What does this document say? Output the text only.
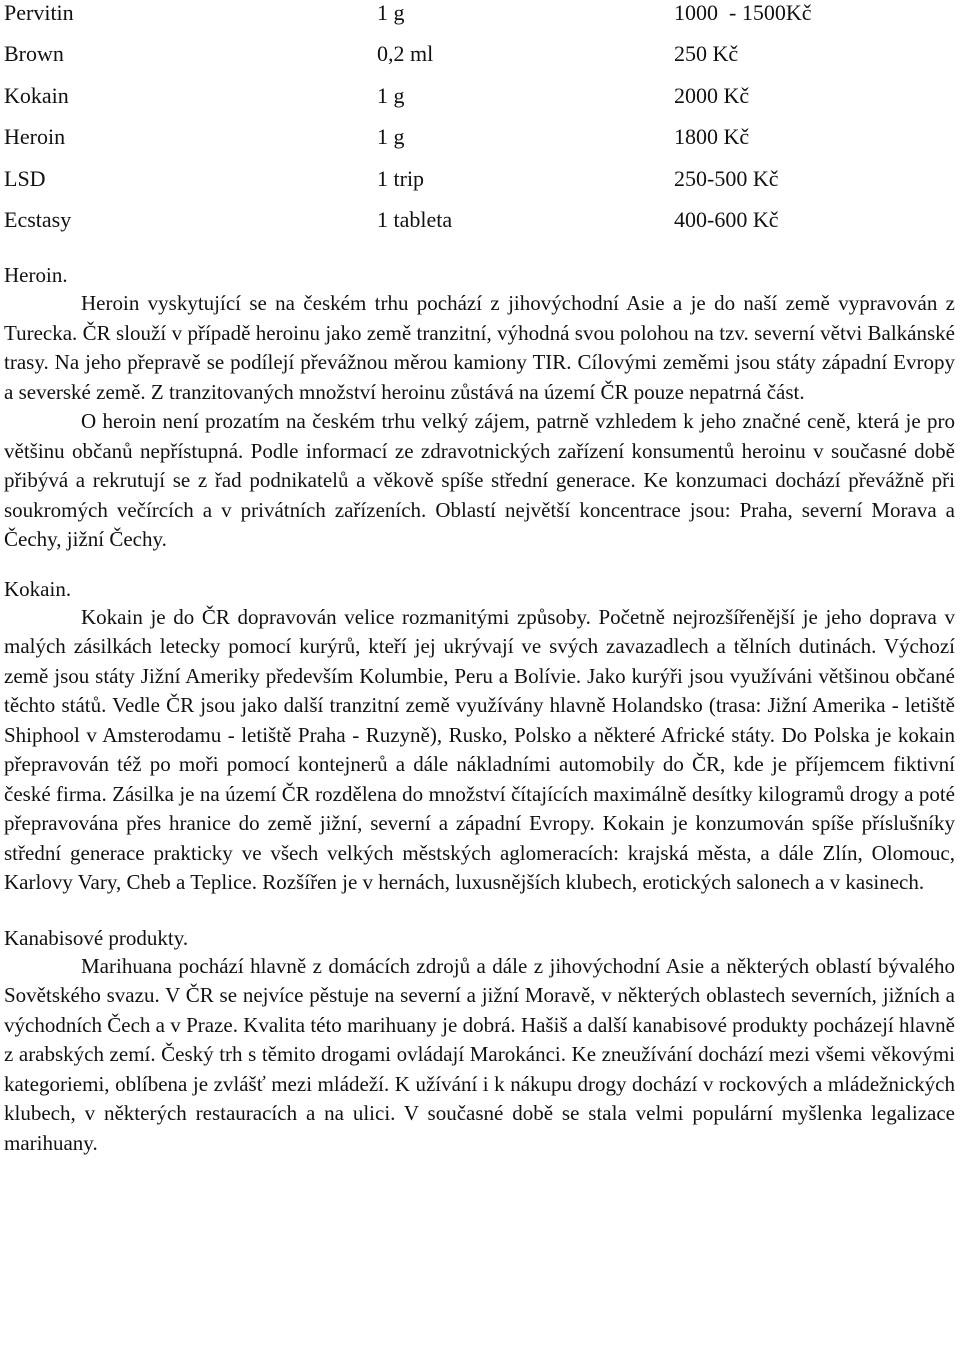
Pervitin	1 g	1000  - 1500Kč
Brown	0,2 ml	250 Kč
Kokain	1 g	2000 Kč
Heroin	1 g	1800 Kč
LSD	1 trip	250-500 Kč
Ecstasy	1 tableta	400-600 Kč
Heroin.

Heroin vyskytující se na českém trhu pochází z jihovýchodní Asie a je do naší země vypravován z Turecka. ČR slouží v případě heroinu jako země tranzitní, výhodná svou polohou na tzv. severní větvi Balkánské trasy. Na jeho přepravě se podílejí převážnou měrou kamiony TIR. Cílovými zeměmi jsou státy západní Evropy a severské země. Z tranzitovaných množství heroinu zůstává na území ČR pouze nepatrná část.

O heroin není prozatím na českém trhu velký zájem, patrně vzhledem k jeho značné ceně, která je pro většinu občanů nepřístupná. Podle informací ze zdravotnických zařízení konsumentů heroinu v současné době přibývá a rekrutují se z řad podnikatelů a věkově spíše střední generace. Ke konzumaci dochází převážně při soukromých večírcích a v privátních zařízeních. Oblastí největší koncentrace jsou: Praha, severní Morava a Čechy, jižní Čechy.

Kokain.

Kokain je do ČR dopravován velice rozmanitými způsoby. Početně nejrozšířenější je jeho doprava v malých zásilkách letecky pomocí kurýrů, kteří jej ukrývají ve svých zavazadlech a tělních dutinách. Výchozí země jsou státy Jižní Ameriky především Kolumbie, Peru a Bolívie. Jako kurýři jsou využíváni většinou občané těchto států. Vedle ČR jsou jako další tranzitní země využívány hlavně Holandsko (trasa: Jižní Amerika - letiště Shiphool v Amsterodamu - letiště Praha - Ruzyně), Rusko, Polsko a některé Africké státy. Do Polska je kokain přepravován též po moři pomocí kontejnerů a dále nákladními automobily do ČR, kde je příjemcem fiktivní české firma. Zásilka je na území ČR rozdělena do množství čítajících maximálně desítky kilogramů drogy a poté přepravována přes hranice do země jižní, severní a západní Evropy. Kokain je konzumován spíše příslušníky střední generace prakticky ve všech velkých městských aglomeracích: krajská města, a dále Zlín, Olomouc, Karlovy Vary, Cheb a Teplice. Rozšířen je v hernách, luxusnějších klubech, erotických salonech a v kasinech.

Kanabisové produkty.

Marihuana pochází hlavně z domácích zdrojů a dále z jihovýchodní Asie a některých oblastí bývalého Sovětského svazu. V ČR se nejvíce pěstuje na severní a jižní Moravě, v některých oblastech severních, jižních a východních Čech a v Praze. Kvalita této marihuany je dobrá. Hašiš a další kanabisové produkty pocházejí hlavně z arabských zemí. Český trh s těmito drogami ovládají Marokánci. Ke zneužívání dochází mezi všemi věkovými kategoriemi, oblíbena je zvlášť mezi mládeží. K užívání i k nákupu drogy dochází v rockových a mládežnických klubech, v některých restauracích a na ulici. V současné době se stala velmi populární myšlenka legalizace marihuany.
